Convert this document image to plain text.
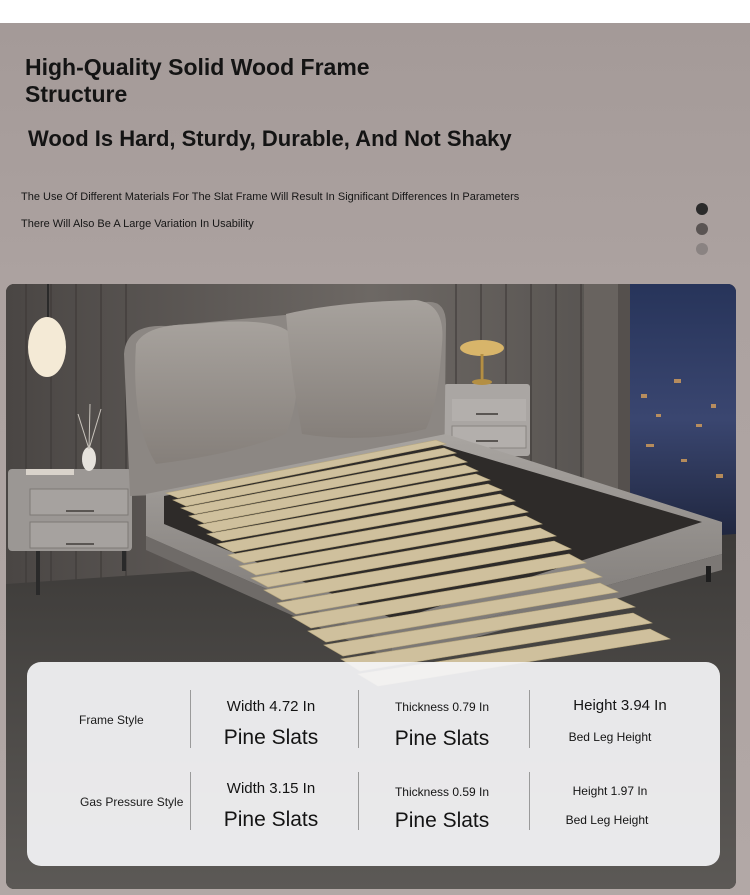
High-Quality Solid Wood Frame Structure
Wood Is Hard, Sturdy, Durable, And Not Shaky

The Use Of Different Materials For The Slat Frame Will Result In Significant Differences In Parameters

There Will Also Be A Large Variation In Usability

Frame Style
Width 4.72 In
Pine Slats
Thickness 0.79 In
Pine Slats
Height 3.94 In
Bed Leg Height
Gas Pressure Style
Width 3.15 In
Pine Slats
Thickness 0.59 In
Pine Slats
Height 1.97 In
Bed Leg Height
